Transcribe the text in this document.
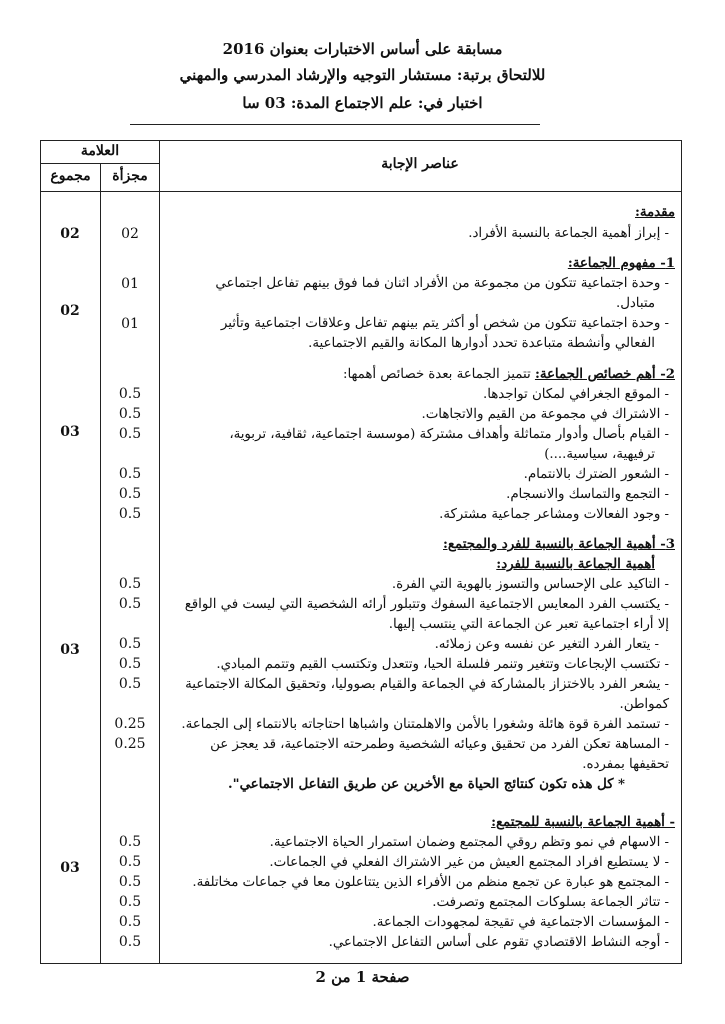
مسابقة على أساس الاختبارات بعنوان 2016
للالتحاق برتبة: مستشار التوجيه والإرشاد المدرسي والمهني
اختبار في: علم الاجتماع المدة: 03 سا
عناصر الإجابة
العلامة
مجزأة
مجموع
مقدمة:
- إبراز أهمية الجماعة بالنسبة الأفراد.
1- مفهوم الجماعة:
- وحدة اجتماعية تتكون من مجموعة من الأفراد اثنان فما فوق بينهم تفاعل اجتماعي
متبادل.
- وحدة اجتماعية تتكون من شخص أو أكثر يتم بينهم تفاعل وعلاقات اجتماعية وتأثير
الفعالي وأنشطة متباعدة تحدد أدوارها المكانة والقيم الاجتماعية.
2- أهم خصائص الجماعة: تتميز الجماعة بعدة خصائص أهمها:
- الموقع الجغرافي لمكان تواجدها.
- الاشتراك في مجموعة من القيم والاتجاهات.
- القيام بأصال وأدوار متماثلة وأهداف مشتركة (موسسة اجتماعية، ثقافية، تربوية،
ترفيهية، سياسية....)
- الشعور الضترك بالانتمام.
- التجمع والتماسك والانسجام.
- وجود الفعالات ومشاعر جماعية مشتركة.
3- أهمية الجماعة بالنسبة للفرد والمجتمع:
أهمية الجماعة بالنسبة للفرد:
- التاكيد على الإحساس والتسوز بالهوية التي الفرة.
- يكتسب الفرد المعايس الاجتماعية السفوك وتتبلور أرائه الشخصية التي ليست في الواقع
إلا أراء اجتماعية تعبر عن الجماعة التي ينتسب إليها.
- يتعار الفرد التغير عن نفسه وعن زملائه.
- تكتسب الإبجاعات وتتغير وتنمر فلسلة الحيا، وتتعدل وتكتسب القيم وتتمم المبادي.
- يشعر الفرد بالاختزاز بالمشاركة في الجماعة والقيام بصووليا، وتحقيق المكالة الاجتماعية
كمواطن.
- تستمد الفرة قوة هائلة وشغورا بالأمن والاهلمتنان واشباها احتاجاته بالانتماء إلى الجماعة.
- المساهة تعكن الفرد من تحقيق وعيائه الشخصية وطمرحته الاجتماعية، قد يعجز عن
تحقيفها بمفرده.
* كل هذه تكون كنتائج الحياة مع الأخرين عن طريق التفاعل الاجتماعي".
- أهمية الجماعة بالنسبة للمجتمع:
- الاسهام في نمو وتظم روقي المجتمع وضمان استمرار الحياة الاجتماعية.
- لا يستطيع افراد المجتمع العيش من غير الاشتراك الفعلي في الجماعات.
- المجتمع هو عبارة عن تجمع منظم من الأفراء الذين يتتاعلون معا في جماعات مخاتلفة.
- تتاثر الجماعة بسلوكات المجتمع وتصرفت.
- المؤسسات الاجتماعية في تقيجة لمجهودات الجماعة.
- أوجه النشاط الاقتصادي تقوم على أساس التفاعل الاجتماعي.
02
01
01
0.5
0.5
0.5
0.5
0.5
0.5
0.5
0.5
0.5
0.5
0.5
0.25
0.25
0.5
0.5
0.5
0.5
0.5
0.5
02
02
03
03
03
صفحة 1 من 2
